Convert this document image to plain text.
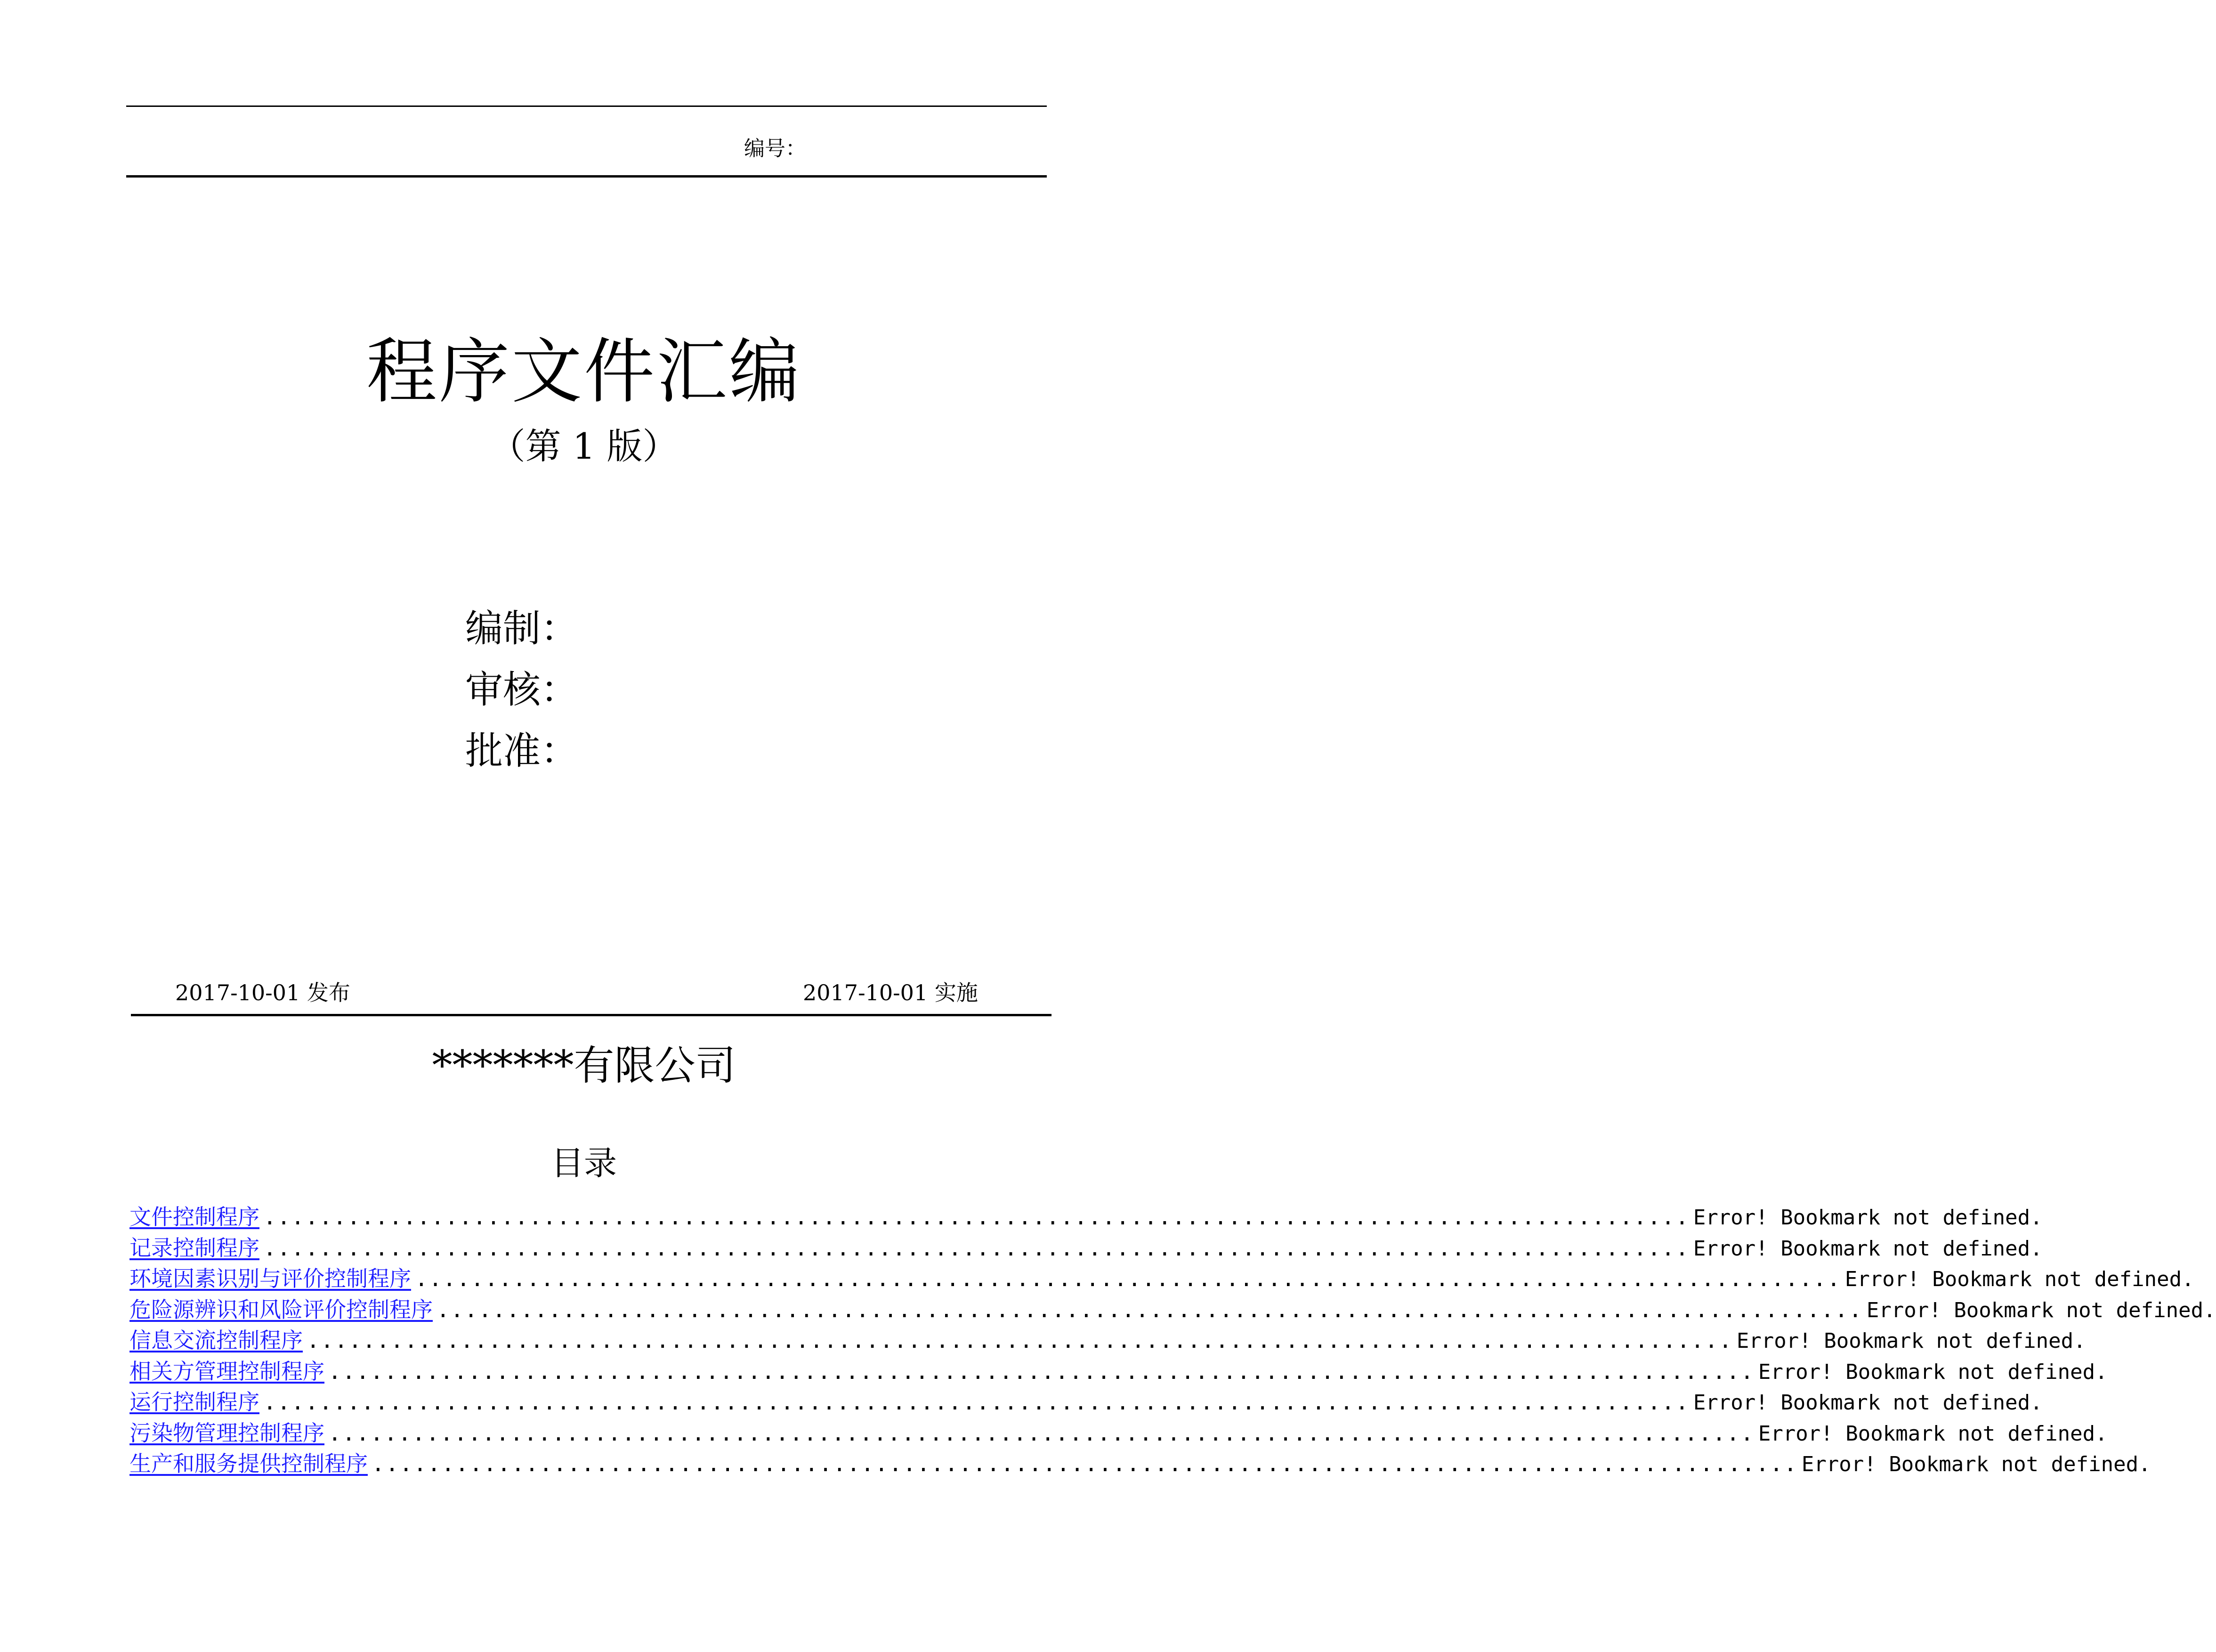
编号：
程序文件汇编
（第 1 版）
编制：
审核：
批准：
2017-10-01 发布	2017-10-01 实施
*******有限公司
目录
文件控制程序 ...................................................................................................... Error! Bookmark not defined.
记录控制程序 ...................................................................................................... Error! Bookmark not defined.
环境因素识别与评价控制程序 ...................................................................................................... Error! Bookmark not defined.
危险源辨识和风险评价控制程序 ...................................................................................................... Error! Bookmark not defined.
信息交流控制程序 ...................................................................................................... Error! Bookmark not defined.
相关方管理控制程序 ...................................................................................................... Error! Bookmark not defined.
运行控制程序 ...................................................................................................... Error! Bookmark not defined.
污染物管理控制程序 ...................................................................................................... Error! Bookmark not defined.
生产和服务提供控制程序 ...................................................................................................... Error! Bookmark not defined.
